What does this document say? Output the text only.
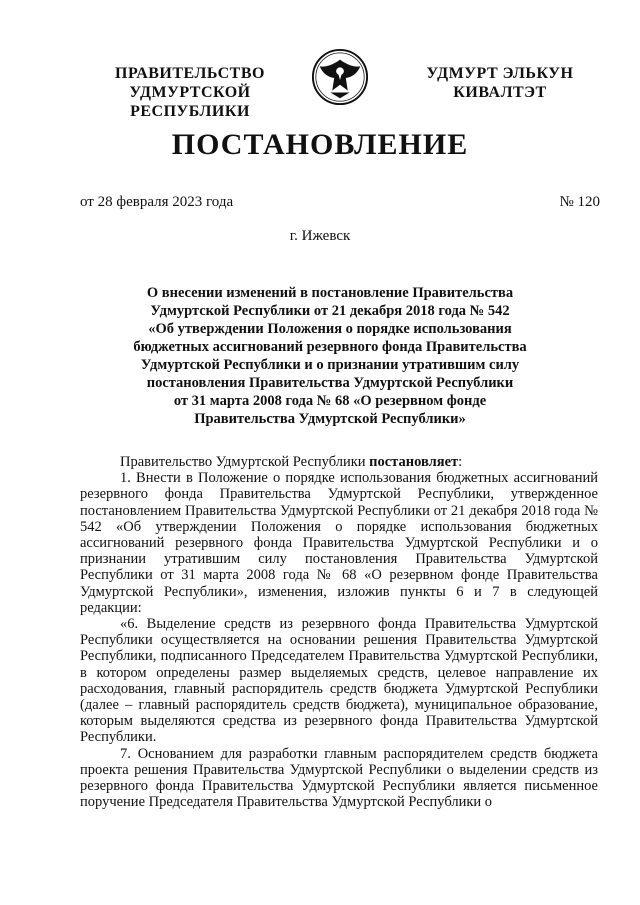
ПРАВИТЕЛЬСТВО
УДМУРТСКОЙ РЕСПУБЛИКИ
УДМУРТ ЭЛЬКУН
КИВАЛТЭТ
ПОСТАНОВЛЕНИЕ
от 28 февраля 2023 года	№ 120
г. Ижевск
О внесении изменений в постановление Правительства
Удмуртской Республики от 21 декабря 2018 года № 542
«Об утверждении Положения о порядке использования
бюджетных ассигнований резервного фонда Правительства
Удмуртской Республики и о признании утратившим силу
постановления Правительства Удмуртской Республики
от 31 марта 2008 года № 68 «О резервном фонде
Правительства Удмуртской Республики»

Правительство Удмуртской Республики постановляет:

1. Внести в Положение о порядке использования бюджетных ассигнований резервного фонда Правительства Удмуртской Республики, утвержденное постановлением Правительства Удмуртской Республики от 21 декабря 2018 года № 542 «Об утверждении Положения о порядке использования бюджетных ассигнований резервного фонда Правительства Удмуртской Республики и о признании утратившим силу постановления Правительства Удмуртской Республики от 31 марта 2008 года № 68 «О резервном фонде Правительства Удмуртской Республики», изменения, изложив пункты 6 и 7 в следующей редакции:

«6. Выделение средств из резервного фонда Правительства Удмуртской Республики осуществляется на основании решения Правительства Удмуртской Республики, подписанного Председателем Правительства Удмуртской Республики, в котором определены размер выделяемых средств, целевое направление их расходования, главный распорядитель средств бюджета Удмуртской Республики (далее – главный распорядитель средств бюджета), муниципальное образование, которым выделяются средства из резервного фонда Правительства Удмуртской Республики.

7. Основанием для разработки главным распорядителем средств бюджета проекта решения Правительства Удмуртской Республики о выделении средств из резервного фонда Правительства Удмуртской Республики является письменное поручение Председателя Правительства Удмуртской Республики о
